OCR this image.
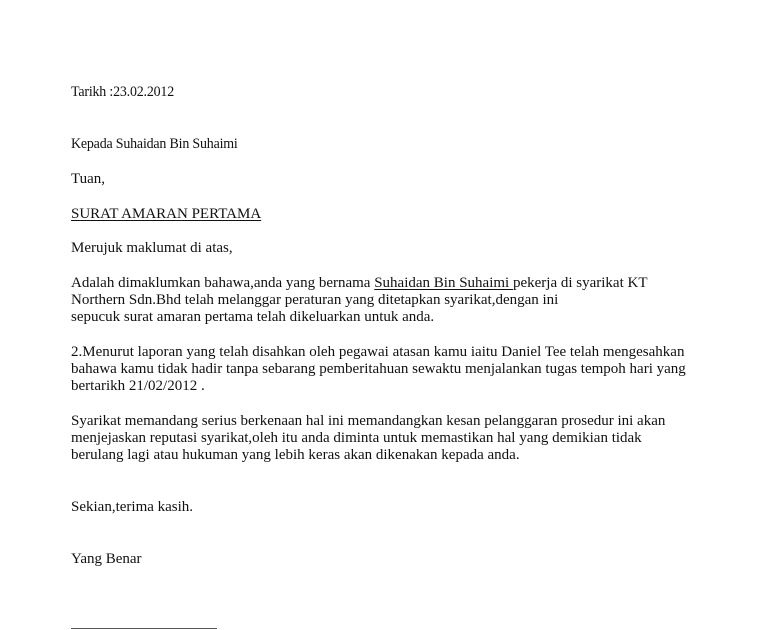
Tarikh :23.02.2012
Kepada Suhaidan Bin Suhaimi
Tuan,
SURAT AMARAN PERTAMA
Merujuk maklumat di atas,
Adalah dimaklumkan bahawa,anda yang bernama Suhaidan Bin Suhaimi pekerja di syarikat KT
Northern Sdn.Bhd telah melanggar peraturan yang ditetapkan syarikat,dengan ini
sepucuk surat amaran pertama telah dikeluarkan untuk anda.
2.Menurut laporan yang telah disahkan oleh pegawai atasan kamu iaitu Daniel Tee telah mengesahkan
bahawa kamu tidak hadir tanpa sebarang pemberitahuan sewaktu menjalankan tugas tempoh hari yang
bertarikh 21/02/2012 .
Syarikat memandang serius berkenaan hal ini memandangkan kesan pelanggaran prosedur ini akan
menjejaskan reputasi syarikat,oleh itu anda diminta untuk memastikan hal yang demikian tidak
berulang lagi atau hukuman yang lebih keras akan dikenakan kepada anda.
Sekian,terima kasih.
Yang Benar
